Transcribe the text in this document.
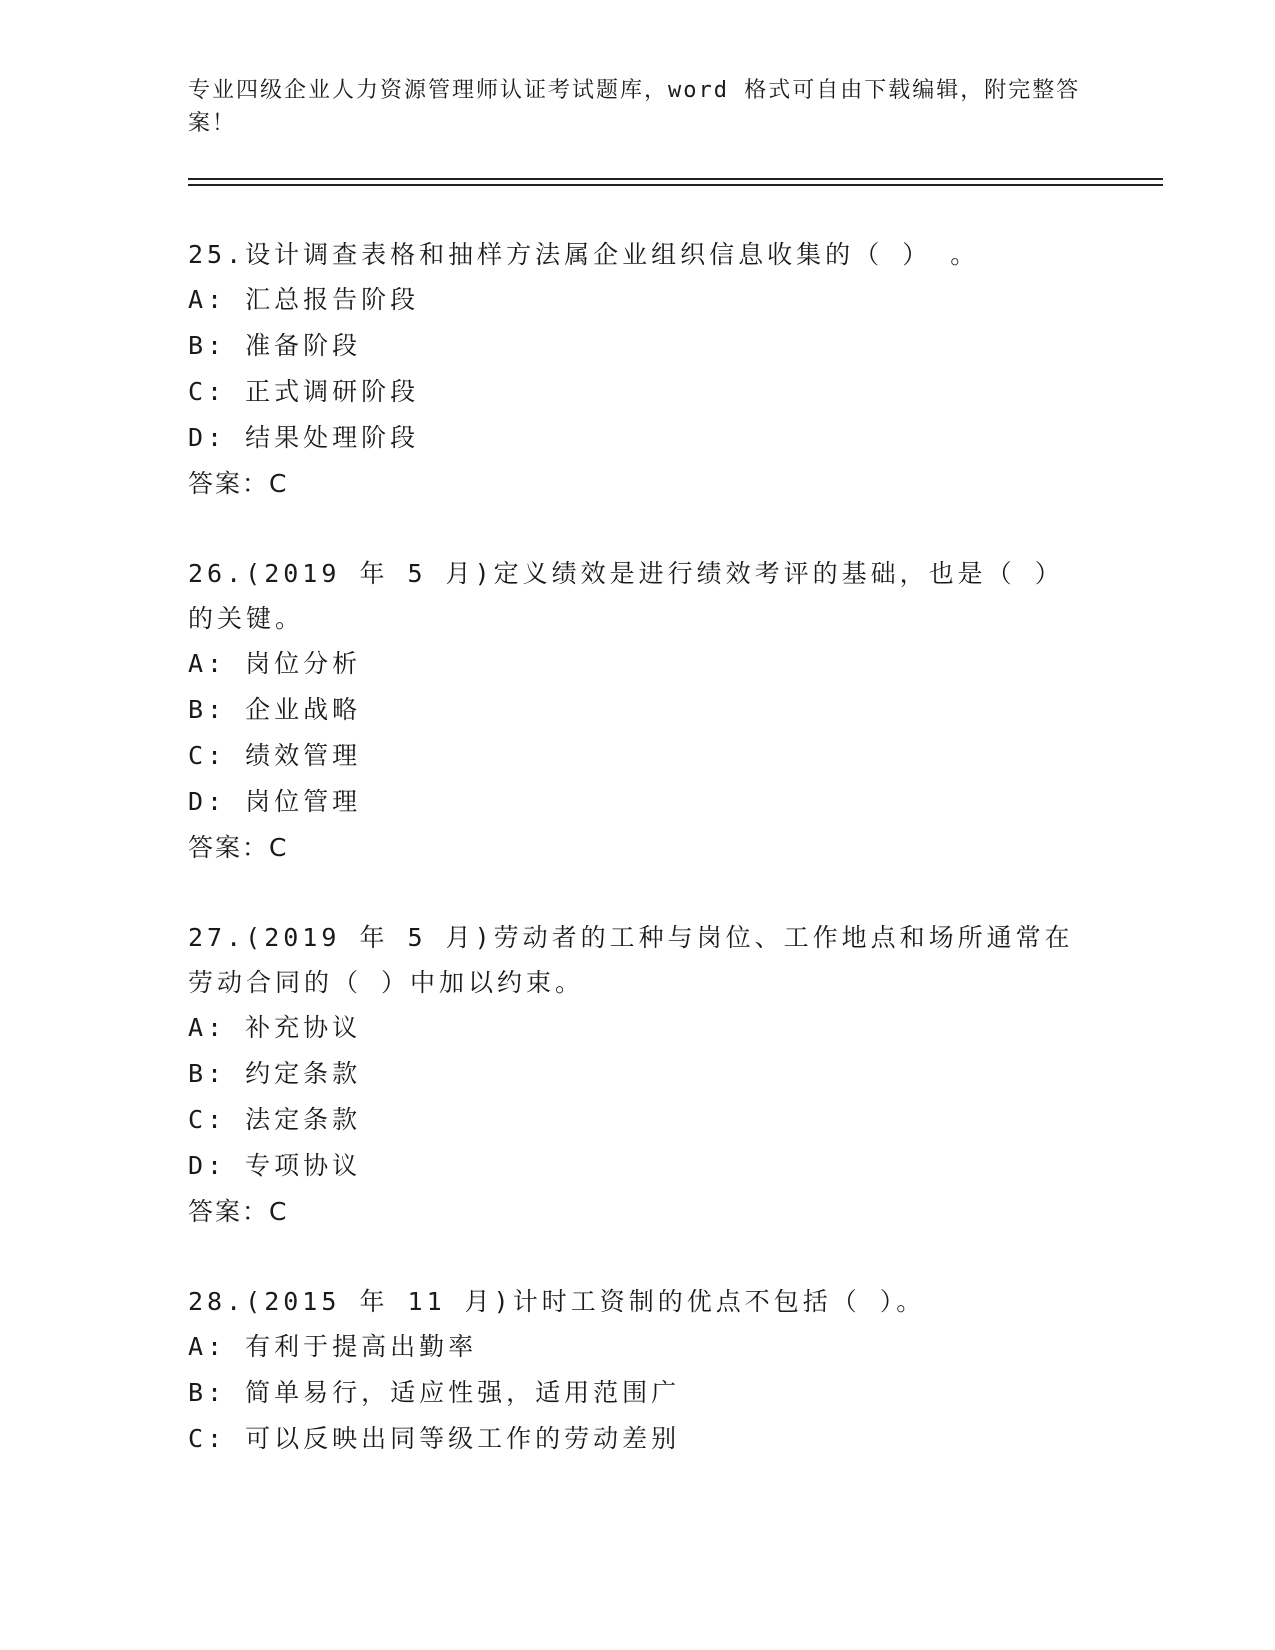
专业四级企业人力资源管理师认证考试题库，word 格式可自由下载编辑，附完整答案！
25.设计调查表格和抽样方法属企业组织信息收集的（ ） 。
A: 汇总报告阶段
B: 准备阶段
C: 正式调研阶段
D: 结果处理阶段
答案：C
26.(2019 年 5 月)定义绩效是进行绩效考评的基础，也是（ ）的关键。
A: 岗位分析
B: 企业战略
C: 绩效管理
D: 岗位管理
答案：C
27.(2019 年 5 月)劳动者的工种与岗位、工作地点和场所通常在劳动合同的（ ）中加以约束。
A: 补充协议
B: 约定条款
C: 法定条款
D: 专项协议
答案：C
28.(2015 年 11 月)计时工资制的优点不包括（ ）。
A: 有利于提高出勤率
B: 简单易行，适应性强，适用范围广
C: 可以反映出同等级工作的劳动差别
